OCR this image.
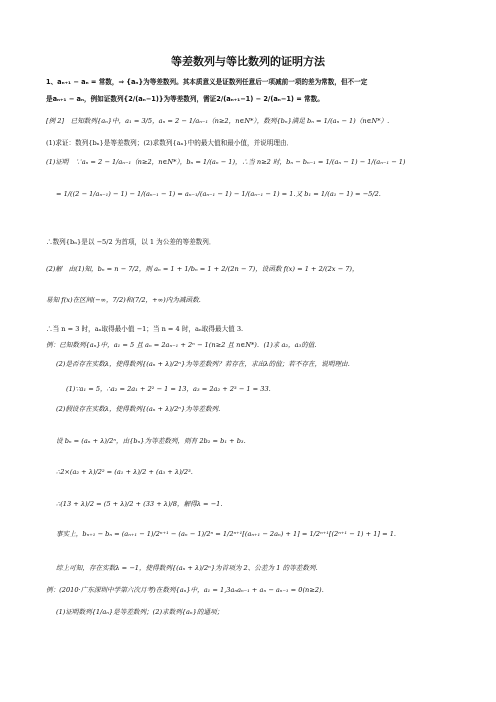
等差数列与等比数列的证明方法
1、aₙ₊₁ − aₙ = 常数，⇒ {aₙ}为等差数列。其本质意义是证数列任意后一项减前一项的差为常数，但不一定
是aₙ₊₁ − aₙ，例如证数列{2/(aₙ−1)}为等差数列，需证2/(aₙ₊₁−1) − 2/(aₙ−1) = 常数。
[例 2]　已知数列{aₙ}中，a₁ = 3/5，aₙ = 2 − 1/aₙ₋₁（n≥2，n∈N*），数列{bₙ}满足 bₙ = 1/(aₙ − 1)（n∈N*）.
(1)求证：数列{bₙ}是等差数列；(2)求数列{aₙ}中的最大值和最小值，并说明理由．
(1)证明　∵aₙ = 2 − 1/aₙ₋₁（n≥2，n∈N*），bₙ = 1/(aₙ − 1)，∴当 n≥2 时，bₙ − bₙ₋₁ = 1/(aₙ − 1) − 1/(aₙ₋₁ − 1)
= 1/((2 − 1/aₙ₋₁) − 1) − 1/(aₙ₋₁ − 1) = aₙ₋₁/(aₙ₋₁ − 1) − 1/(aₙ₋₁ − 1) = 1.又 b₁ = 1/(a₁ − 1) = −5/2.
∴数列{bₙ}是以 −5/2 为首项，以 1 为公差的等差数列．
(2)解　由(1)知，bₙ = n − 7/2，则 aₙ = 1 + 1/bₙ = 1 + 2/(2n − 7)，设函数 f(x) = 1 + 2/(2x − 7)，
易知 f(x)在区间(−∞，7/2)和(7/2，+∞)内为减函数．
∴当 n = 3 时，aₙ取得最小值 −1；当 n = 4 时，aₙ取得最大值 3.
例：已知数列{aₙ}中，a₁ = 5 且 aₙ = 2aₙ₋₁ + 2ⁿ − 1(n≥2 且 n∈N*)．(1)求 a₂，a₃的值．
(2)是否存在实数λ，使得数列{(aₙ + λ)/2ⁿ}为等差数列？若存在，求出λ的值；若不存在，说明理由．
(1)∵a₁ = 5，∴a₂ = 2a₁ + 2² − 1 = 13，a₃ = 2a₂ + 2³ − 1 = 33.
(2)假设存在实数λ，使得数列{(aₙ + λ)/2ⁿ}为等差数列．
设 bₙ = (aₙ + λ)/2ⁿ，由{bₙ}为等差数列，则有 2b₂ = b₁ + b₃.
∴2×(a₂ + λ)/2² = (a₁ + λ)/2 + (a₃ + λ)/2³.
∴(13 + λ)/2 = (5 + λ)/2 + (33 + λ)/8，解得λ = −1.
事实上，bₙ₊₁ − bₙ = (aₙ₊₁ − 1)/2ⁿ⁺¹ − (aₙ − 1)/2ⁿ = 1/2ⁿ⁺¹[(aₙ₊₁ − 2aₙ) + 1] = 1/2ⁿ⁺¹[(2ⁿ⁺¹ − 1) + 1] = 1.
综上可知，存在实数λ = −1，使得数列{(aₙ + λ)/2ⁿ}为首项为 2、公差为 1 的等差数列．
例：(2010·广东深圳中学第六次月考)在数列{aₙ}中，a₁ = 1,3aₙaₙ₋₁ + aₙ − aₙ₋₁ = 0(n≥2)．
(1)证明数列{1/aₙ}是等差数列；(2)求数列{aₙ}的通项；
